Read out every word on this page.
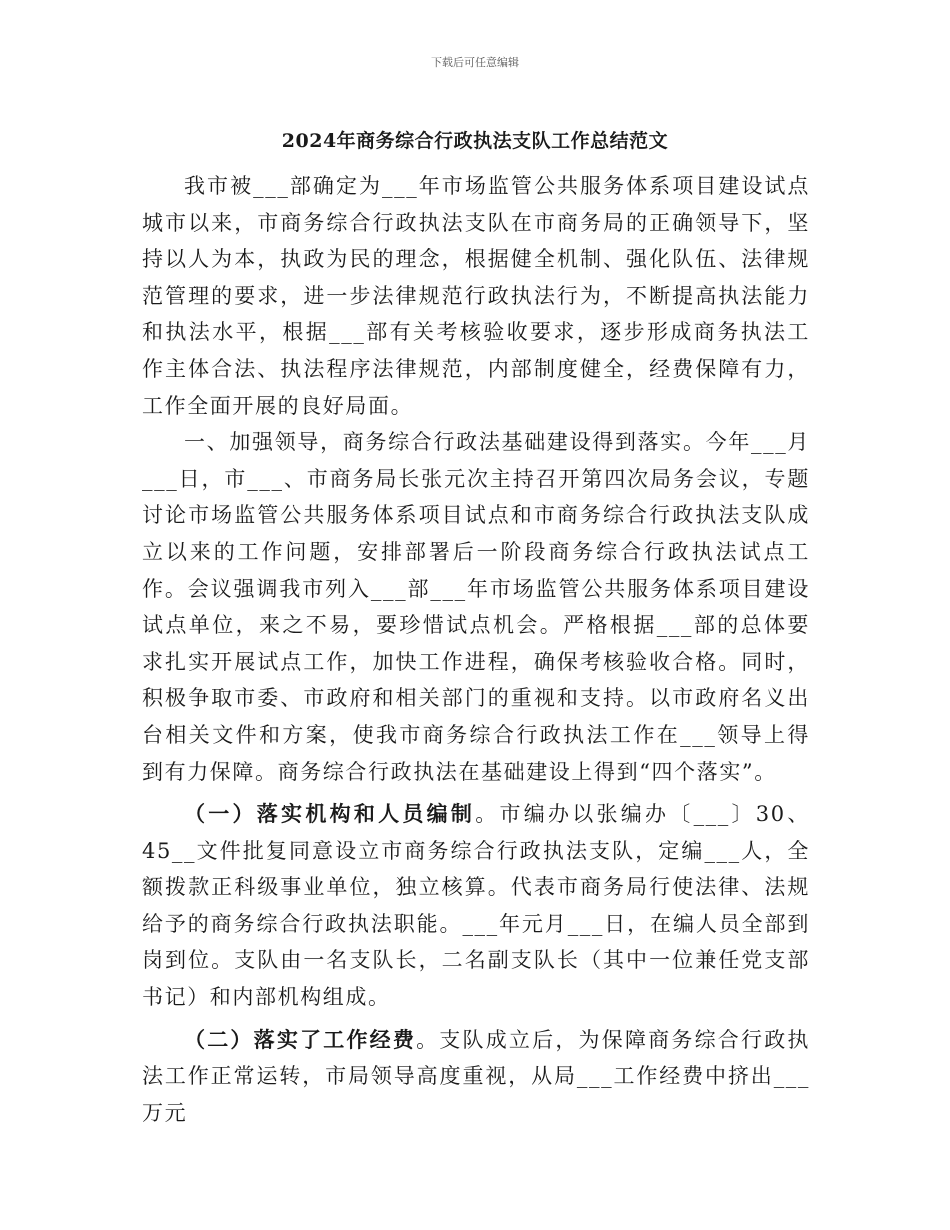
下载后可任意编辑
2024年商务综合行政执法支队工作总结范文

我市被___部确定为___年市场监管公共服务体系项目建设试点城市以来，市商务综合行政执法支队在市商务局的正确领导下，坚持以人为本，执政为民的理念，根据健全机制、强化队伍、法律规范管理的要求，进一步法律规范行政执法行为，不断提高执法能力和执法水平，根据___部有关考核验收要求，逐步形成商务执法工作主体合法、执法程序法律规范，内部制度健全，经费保障有力，工作全面开展的良好局面。

一、加强领导，商务综合行政法基础建设得到落实。今年___月___日，市___、市商务局长张元次主持召开第四次局务会议，专题讨论市场监管公共服务体系项目试点和市商务综合行政执法支队成立以来的工作问题，安排部署后一阶段商务综合行政执法试点工作。会议强调我市列入___部___年市场监管公共服务体系项目建设试点单位，来之不易，要珍惜试点机会。严格根据___部的总体要求扎实开展试点工作，加快工作进程，确保考核验收合格。同时，积极争取市委、市政府和相关部门的重视和支持。以市政府名义出台相关文件和方案，使我市商务综合行政执法工作在___领导上得到有力保障。商务综合行政执法在基础建设上得到“四个落实”。

（一）落实机构和人员编制。市编办以张编办〔___〕30、45__文件批复同意设立市商务综合行政执法支队，定编___人，全额拨款正科级事业单位，独立核算。代表市商务局行使法律、法规给予的商务综合行政执法职能。___年元月___日，在编人员全部到岗到位。支队由一名支队长，二名副支队长（其中一位兼任党支部书记）和内部机构组成。

（二）落实了工作经费。支队成立后，为保障商务综合行政执法工作正常运转，市局领导高度重视，从局___工作经费中挤出___万元
